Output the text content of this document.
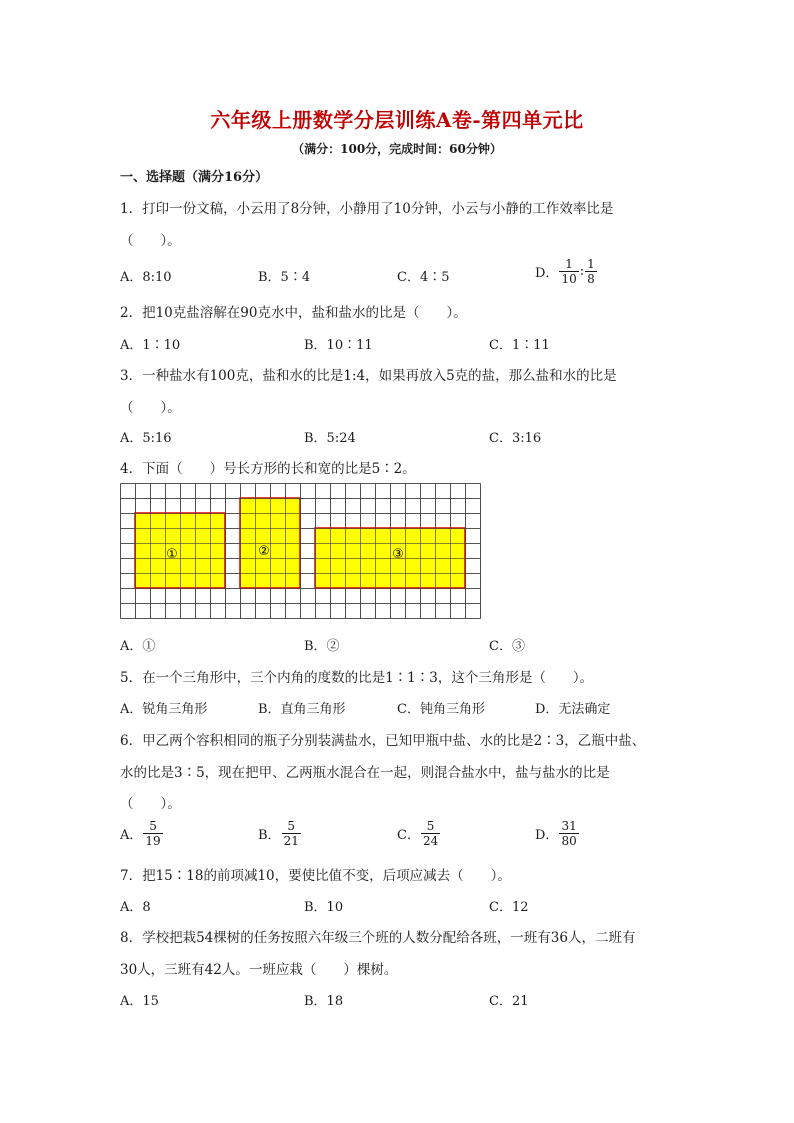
六年级上册数学分层训练A卷-第四单元比
（满分：100分，完成时间：60分钟）
一、选择题（满分16分）
1．打印一份文稿，小云用了8分钟，小静用了10分钟，小云与小静的工作效率比是
（　　）。
A．8:10	B．5∶4	C．4∶5	D． $\frac{1}{10}$ : $\frac{1}{8}$
2．把10克盐溶解在90克水中，盐和盐水的比是（　　）。
A．1∶10	B．10∶11	C．1∶11
3．一种盐水有100克，盐和水的比是1:4，如果再放入5克的盐，那么盐和水的比是
（　　）。
A．5:16	B．5:24	C．3:16
4．下面（　　）号长方形的长和宽的比是5∶2。
①	②	③
A．①	B．②	C．③
5．在一个三角形中，三个内角的度数的比是1∶1∶3，这个三角形是（　　）。
A．锐角三角形	B．直角三角形	C．钝角三角形	D．无法确定
6．甲乙两个容积相同的瓶子分别装满盐水，已知甲瓶中盐、水的比是2∶3，乙瓶中盐、
水的比是3∶5，现在把甲、乙两瓶水混合在一起，则混合盐水中，盐与盐水的比是
（　　）。
A． $\frac{5}{19}$	B． $\frac{5}{21}$	C． $\frac{5}{24}$	D． $\frac{31}{80}$
7．把15∶18的前项减10，要使比值不变，后项应减去（　　）。
A．8	B．10	C．12
8．学校把栽54棵树的任务按照六年级三个班的人数分配给各班，一班有36人，二班有
30人，三班有42人。一班应栽（　　）棵树。
A．15	B．18	C．21
